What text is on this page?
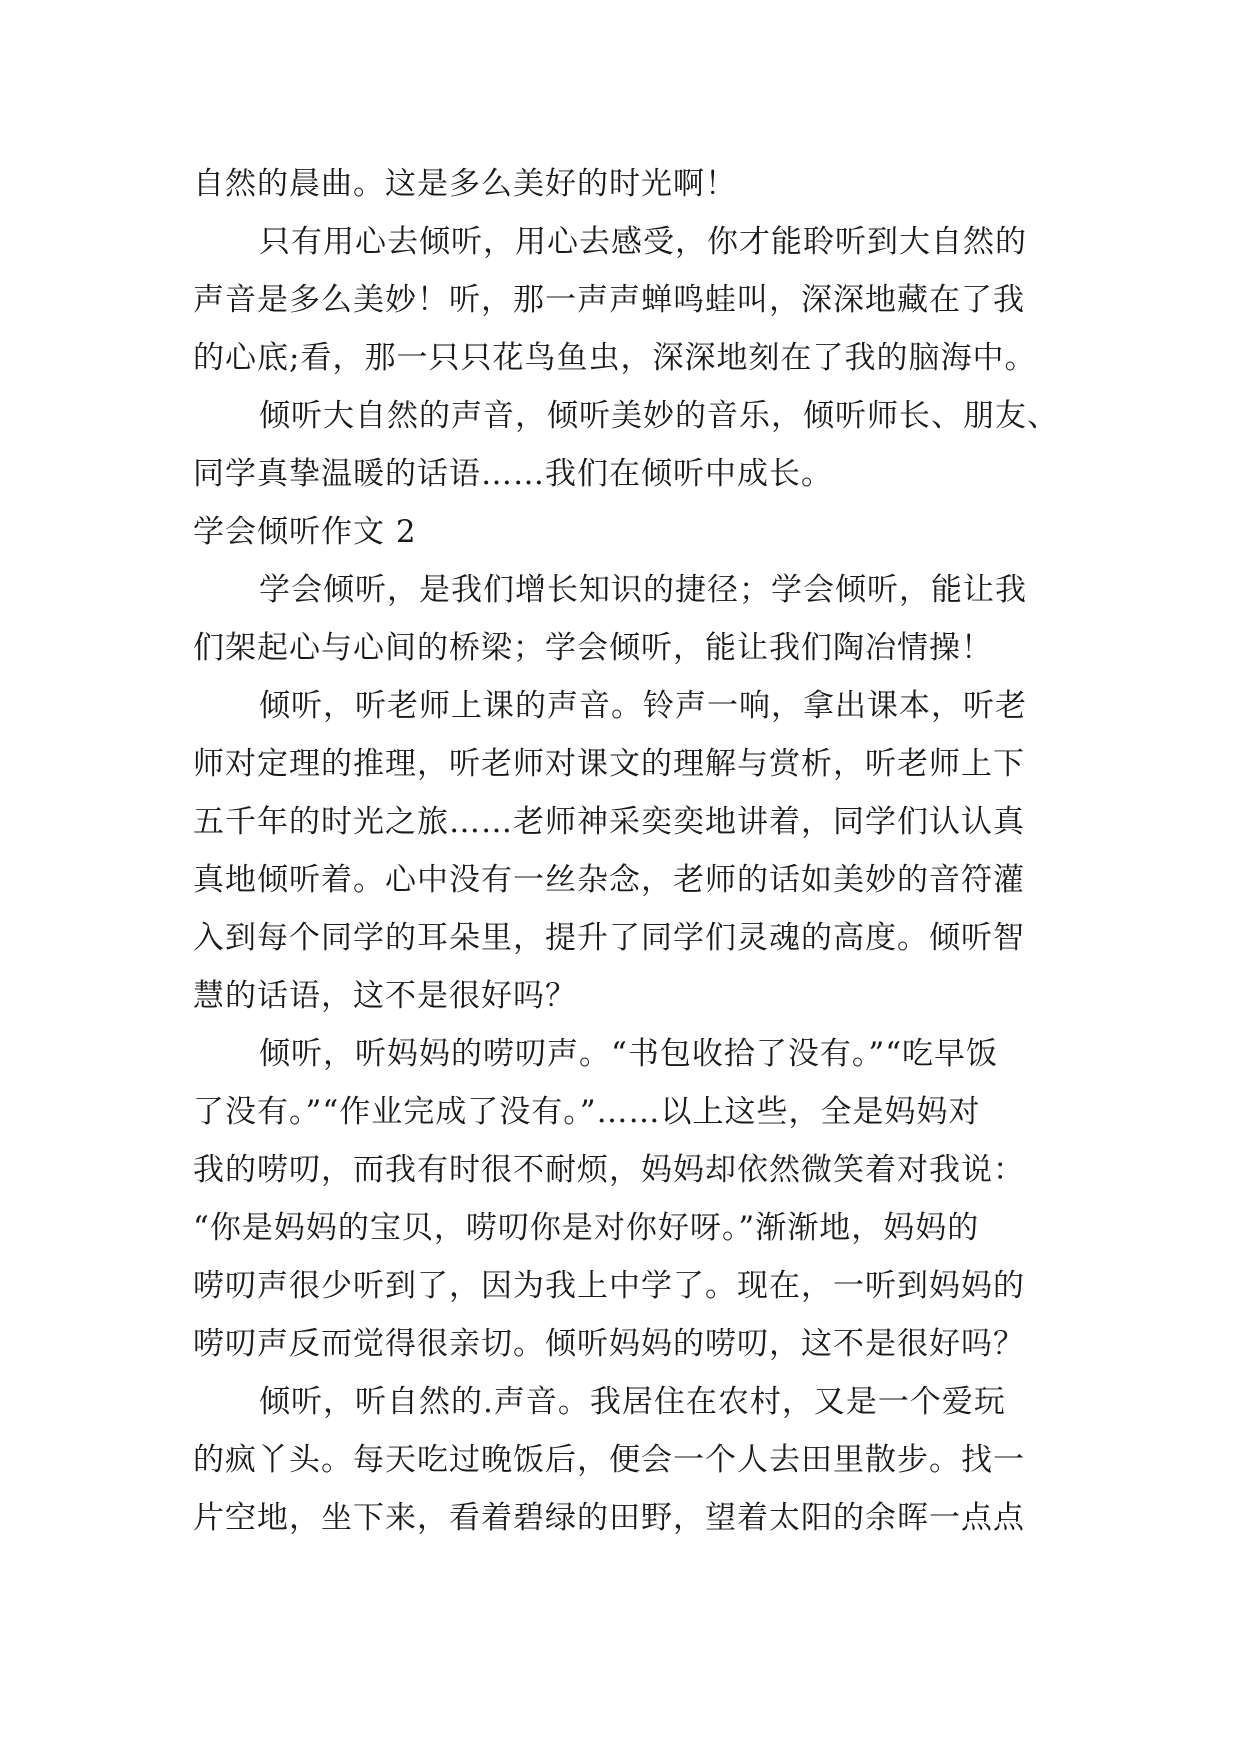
自然的晨曲。这是多么美好的时光啊！
只有用心去倾听，用心去感受，你才能聆听到大自然的
声音是多么美妙！听，那一声声蝉鸣蛙叫，深深地藏在了我
的心底;看，那一只只花鸟鱼虫，深深地刻在了我的脑海中。
倾听大自然的声音，倾听美妙的音乐，倾听师长、朋友、
同学真挚温暖的话语……我们在倾听中成长。
学会倾听作文 2
学会倾听，是我们增长知识的捷径；学会倾听，能让我
们架起心与心间的桥梁；学会倾听，能让我们陶冶情操！
倾听，听老师上课的声音。铃声一响，拿出课本，听老
师对定理的推理，听老师对课文的理解与赏析，听老师上下
五千年的时光之旅……老师神采奕奕地讲着，同学们认认真
真地倾听着。心中没有一丝杂念，老师的话如美妙的音符灌
入到每个同学的耳朵里，提升了同学们灵魂的高度。倾听智
慧的话语，这不是很好吗？
倾听，听妈妈的唠叨声。“书包收拾了没有。”“吃早饭
了没有。”“作业完成了没有。”……以上这些，全是妈妈对
我的唠叨，而我有时很不耐烦，妈妈却依然微笑着对我说：
“你是妈妈的宝贝，唠叨你是对你好呀。”渐渐地，妈妈的
唠叨声很少听到了，因为我上中学了。现在，一听到妈妈的
唠叨声反而觉得很亲切。倾听妈妈的唠叨，这不是很好吗？
倾听，听自然的.声音。我居住在农村，又是一个爱玩
的疯丫头。每天吃过晚饭后，便会一个人去田里散步。找一
片空地，坐下来，看着碧绿的田野，望着太阳的余晖一点点
